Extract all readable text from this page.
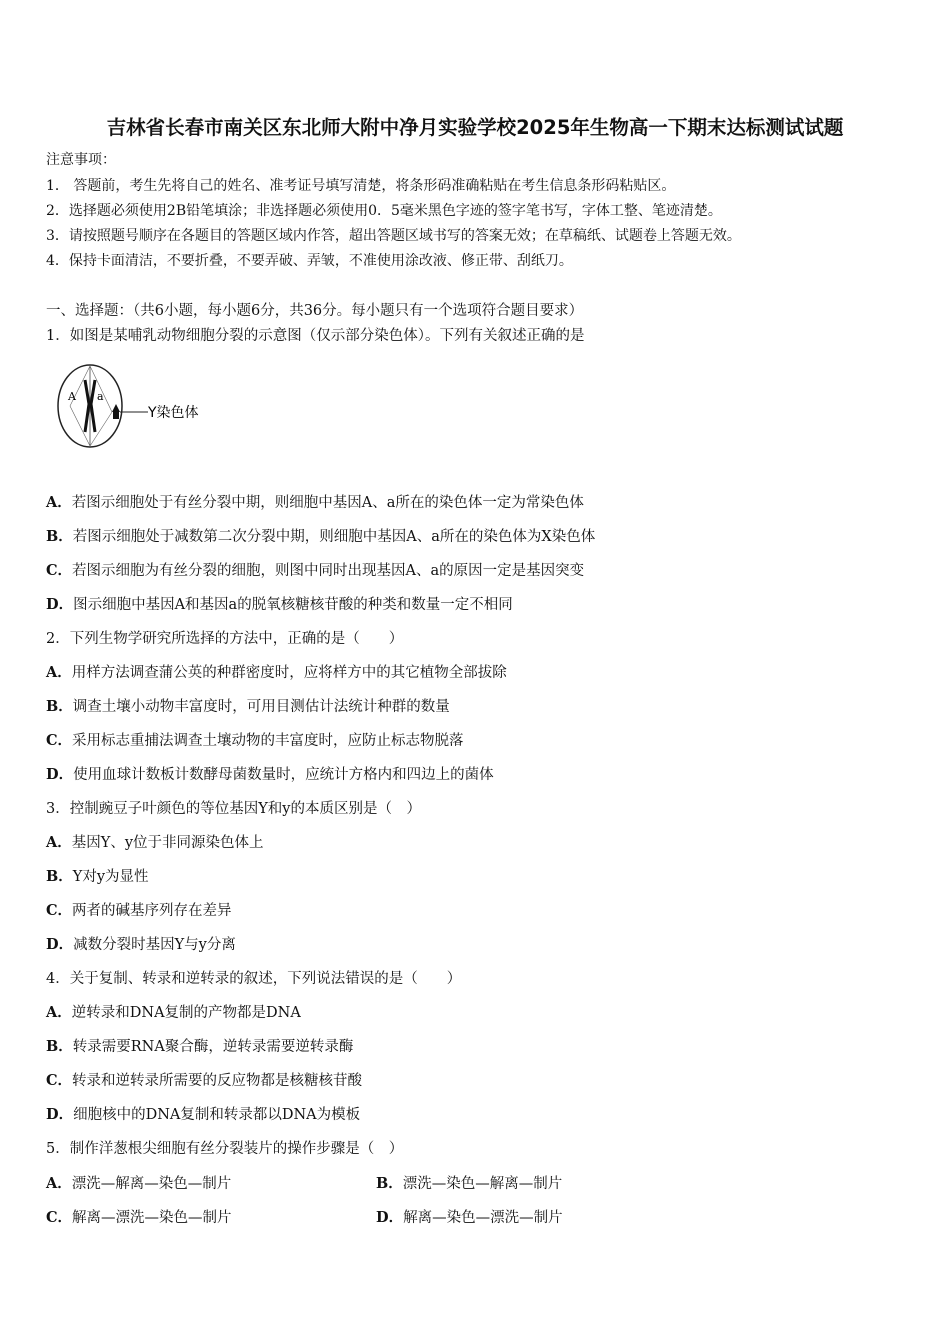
吉林省长春市南关区东北师大附中净月实验学校2025年生物高一下期末达标测试试题
注意事项：
1． 答题前，考生先将自己的姓名、准考证号填写清楚，将条形码准确粘贴在考生信息条形码粘贴区。
2．选择题必须使用2B铅笔填涂；非选择题必须使用0．5毫米黑色字迹的签字笔书写，字体工整、笔迹清楚。
3．请按照题号顺序在各题目的答题区域内作答，超出答题区域书写的答案无效；在草稿纸、试题卷上答题无效。
4．保持卡面清洁，不要折叠，不要弄破、弄皱，不准使用涂改液、修正带、刮纸刀。
一、选择题：（共6小题，每小题6分，共36分。每小题只有一个选项符合题目要求）
1．如图是某哺乳动物细胞分裂的示意图（仅示部分染色体）。下列有关叙述正确的是
A a
Y染色体
A．若图示细胞处于有丝分裂中期，则细胞中基因A、a所在的染色体一定为常染色体
B．若图示细胞处于减数第二次分裂中期，则细胞中基因A、a所在的染色体为X染色体
C．若图示细胞为有丝分裂的细胞，则图中同时出现基因A、a的原因一定是基因突变
D．图示细胞中基因A和基因a的脱氧核糖核苷酸的种类和数量一定不相同
2．下列生物学研究所选择的方法中，正确的是（　　）
A．用样方法调查蒲公英的种群密度时，应将样方中的其它植物全部拔除
B．调查土壤小动物丰富度时，可用目测估计法统计种群的数量
C．采用标志重捕法调查土壤动物的丰富度时，应防止标志物脱落
D．使用血球计数板计数酵母菌数量时，应统计方格内和四边上的菌体
3．控制豌豆子叶颜色的等位基因Y和y的本质区别是（　）
A．基因Y、y位于非同源染色体上
B．Y对y为显性
C．两者的碱基序列存在差异
D．减数分裂时基因Y与y分离
4．关于复制、转录和逆转录的叙述，下列说法错误的是（　　）
A．逆转录和DNA复制的产物都是DNA
B．转录需要RNA聚合酶，逆转录需要逆转录酶
C．转录和逆转录所需要的反应物都是核糖核苷酸
D．细胞核中的DNA复制和转录都以DNA为模板
5．制作洋葱根尖细胞有丝分裂装片的操作步骤是（　）
A．漂洗—解离—染色—制片	B．漂洗—染色—解离—制片
C．解离—漂洗—染色—制片	D．解离—染色—漂洗—制片
